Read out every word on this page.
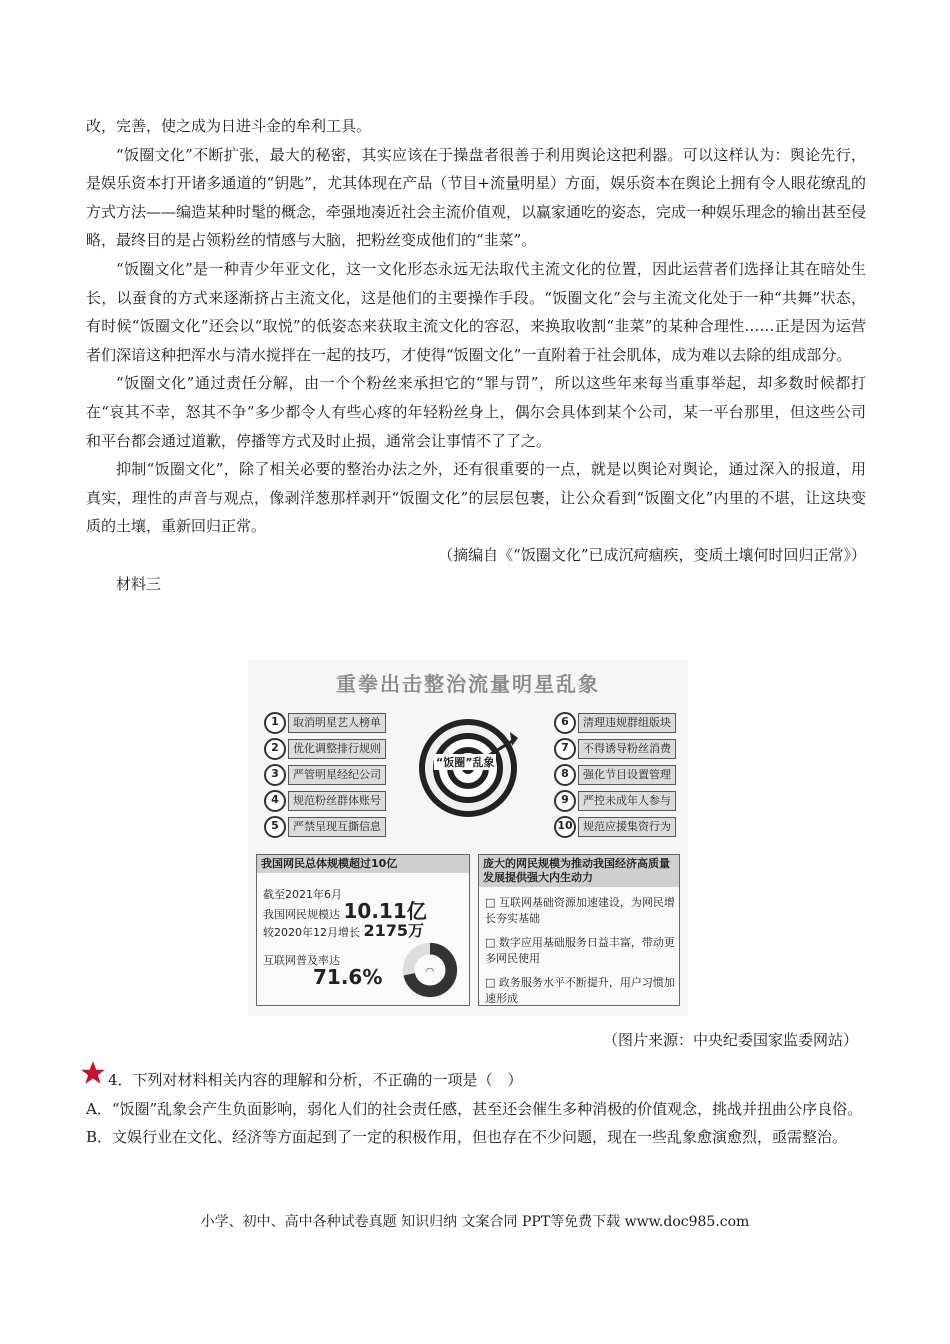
改，完善，使之成为日进斗金的牟利工具。

“饭圈文化”不断扩张，最大的秘密，其实应该在于操盘者很善于利用舆论这把利器。可以这样认为：舆论先行，是娱乐资本打开诸多通道的“钥匙”，尤其体现在产品（节目+流量明星）方面，娱乐资本在舆论上拥有令人眼花缭乱的方式方法——编造某种时髦的概念，牵强地凑近社会主流价值观，以赢家通吃的姿态，完成一种娱乐理念的输出甚至侵略，最终目的是占领粉丝的情感与大脑，把粉丝变成他们的“韭菜”。

“饭圈文化”是一种青少年亚文化，这一文化形态永远无法取代主流文化的位置，因此运营者们选择让其在暗处生长，以蚕食的方式来逐渐挤占主流文化，这是他们的主要操作手段。“饭圈文化”会与主流文化处于一种“共舞”状态，有时候“饭圈文化”还会以“取悦”的低姿态来获取主流文化的容忍，来换取收割“韭菜”的某种合理性……正是因为运营者们深谙这种把浑水与清水搅拌在一起的技巧，才使得“饭圈文化”一直附着于社会肌体，成为难以去除的组成部分。

“饭圈文化”通过责任分解，由一个个粉丝来承担它的“罪与罚”，所以这些年来每当重事举起，却多数时候都打在“哀其不幸，怒其不争”多少都令人有些心疼的年轻粉丝身上，偶尔会具体到某个公司，某一平台那里，但这些公司和平台都会通过道歉，停播等方式及时止损，通常会让事情不了了之。

抑制“饭圈文化”，除了相关必要的整治办法之外，还有很重要的一点，就是以舆论对舆论，通过深入的报道，用真实，理性的声音与观点，像剥洋葱那样剥开“饭圈文化”的层层包裹，让公众看到“饭圈文化”内里的不堪，让这块变质的土壤，重新回归正常。

（摘编自《“饭圈文化”已成沉疴痼疾，变质土壤何时回归正常》）

材料三

重拳出击整治流量明星乱象
“饭圈”乱象
1 取消明星艺人榜单
2 优化调整排行规则
3 严管明星经纪公司
4 规范粉丝群体账号
5 严禁呈现互撕信息
6 清理违规群组版块
7 不得诱导粉丝消费
8 强化节目设置管理
9 严控未成年人参与
10 规范应援集资行为
我国网民总体规模超过10亿
截至2021年6月
我国网民规模达 10.11亿
较2020年12月增长 2175万
互联网普及率达
71.6%	◠
庞大的网民规模为推动我国经济高质量发展提供强大内生动力
□ 互联网基础资源加速建设，为网民增长夯实基础
□ 数字应用基础服务日益丰富，带动更多网民使用
□ 政务服务水平不断提升，用户习惯加速形成
（图片来源：中央纪委国家监委网站）

4．下列对材料相关内容的理解和分析，不正确的一项是（　）

A．“饭圈”乱象会产生负面影响，弱化人们的社会责任感，甚至还会催生多种消极的价值观念，挑战并扭曲公序良俗。

B．文娱行业在文化、经济等方面起到了一定的积极作用，但也存在不少问题，现在一些乱象愈演愈烈，亟需整治。

小学、初中、高中各种试卷真题 知识归纳 文案合同 PPT等免费下载 www.doc985.com
